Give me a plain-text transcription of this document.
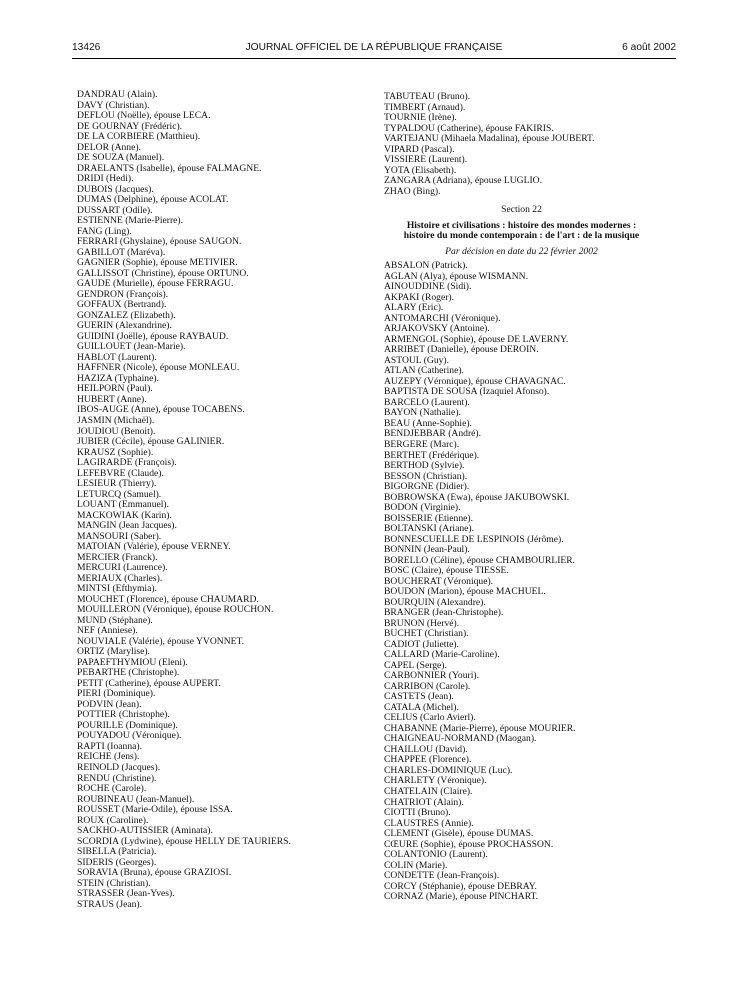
13426	JOURNAL OFFICIEL DE LA RÉPUBLIQUE FRANÇAISE	6 août 2002
DANDRAU (Alain).
DAVY (Christian).
DEFLOU (Noëlle), épouse LECA.
DE GOURNAY (Frédéric).
DE LA CORBIERE (Matthieu).
DELOR (Anne).
DE SOUZA (Manuel).
DRAELANTS (Isabelle), épouse FALMAGNE.
DRIDI (Hedi).
DUBOIS (Jacques).
DUMAS (Delphine), épouse ACOLAT.
DUSSART (Odile).
ESTIENNE (Marie-Pierre).
FANG (Ling).
FERRARI (Ghyslaine), épouse SAUGON.
GABILLOT (Maréva).
GAGNIER (Sophie), épouse METIVIER.
GALLISSOT (Christine), épouse ORTUNO.
GAUDE (Murielle), épouse FERRAGU.
GENDRON (François).
GOFFAUX (Bertrand).
GONZALEZ (Elizabeth).
GUERIN (Alexandrine).
GUIDINI (Joëlle), épouse RAYBAUD.
GUILLOUET (Jean-Marie).
HABLOT (Laurent).
HAFFNER (Nicole), épouse MONLEAU.
HAZIZA (Typhaine).
HEILPORN (Paul).
HUBERT (Anne).
IBOS-AUGE (Anne), épouse TOCABENS.
JASMIN (Michaël).
JOUDIOU (Benoit).
JUBIER (Cécile), épouse GALINIER.
KRAUSZ (Sophie).
LAGIRARDE (François).
LEFEBVRE (Claude).
LESIEUR (Thierry).
LETURCQ (Samuel).
LOUANT (Emmanuel).
MACKOWIAK (Karin).
MANGIN (Jean Jacques).
MANSOURI (Saber).
MATOIAN (Valérie), épouse VERNEY.
MERCIER (Franck).
MERCURI (Laurence).
MERIAUX (Charles).
MINTSI (Efthymia).
MOUCHET (Florence), épouse CHAUMARD.
MOUILLERON (Véronique), épouse ROUCHON.
MUND (Stéphane).
NEF (Anniese).
NOUVIALE (Valérie), épouse YVONNET.
ORTIZ (Marylise).
PAPAEFTHYMIOU (Eleni).
PEBARTHE (Christophe).
PETIT (Catherine), épouse AUPERT.
PIERI (Dominique).
PODVIN (Jean).
POTTIER (Christophe).
POURILLE (Dominique).
POUYADOU (Véronique).
RAPTI (Ioanna).
REICHE (Jens).
REINOLD (Jacques).
RENDU (Christine).
ROCHE (Carole).
ROUBINEAU (Jean-Manuel).
ROUSSET (Marie-Odile), épouse ISSA.
ROUX (Caroline).
SACKHO-AUTISSIER (Aminata).
SCORDIA (Lydwine), épouse HELLY DE TAURIERS.
SIBELLA (Patricia).
SIDERIS (Georges).
SORAVIA (Bruna), épouse GRAZIOSI.
STEIN (Christian).
STRASSER (Jean-Yves).
STRAUS (Jean).
TABUTEAU (Bruno).
TIMBERT (Arnaud).
TOURNIE (Irène).
TYPALDOU (Catherine), épouse FAKIRIS.
VARTEJANU (Mihaela Madalina), épouse JOUBERT.
VIPARD (Pascal).
VISSIERE (Laurent).
YOTA (Elisabeth).
ZANGARA (Adriana), épouse LUGLIO.
ZHAO (Bing).
Section 22
Histoire et civilisations : histoire des mondes modernes :
histoire du monde contemporain : de l'art : de la musique
Par décision en date du 22 février 2002
ABSALON (Patrick).
AGLAN (Alya), épouse WISMANN.
AINOUDDINE (Sidi).
AKPAKI (Roger).
ALARY (Eric).
ANTOMARCHI (Véronique).
ARJAKOVSKY (Antoine).
ARMENGOL (Sophie), épouse DE LAVERNY.
ARRIBET (Danielle), épouse DEROIN.
ASTOUL (Guy).
ATLAN (Catherine).
AUZEPY (Véronique), épouse CHAVAGNAC.
BAPTISTA DE SOUSA (Izaquiel Afonso).
BARCELO (Laurent).
BAYON (Nathalie).
BEAU (Anne-Sophie).
BENDJEBBAR (André).
BERGERE (Marc).
BERTHET (Frédérique).
BERTHOD (Sylvie).
BESSON (Christian).
BIGORGNE (Didier).
BOBROWSKA (Ewa), épouse JAKUBOWSKI.
BODON (Virginie).
BOISSERIE (Etienne).
BOLTANSKI (Ariane).
BONNESCUELLE DE LESPINOIS (Jérôme).
BONNIN (Jean-Paul).
BORELLO (Céline), épouse CHAMBOURLIER.
BOSC (Claire), épouse TIESSE.
BOUCHERAT (Véronique).
BOUDON (Marion), épouse MACHUEL.
BOURQUIN (Alexandre).
BRANGER (Jean-Christophe).
BRUNON (Hervé).
BUCHET (Christian).
CADIOT (Juliette).
CALLARD (Marie-Caroline).
CAPEL (Serge).
CARBONNIER (Youri).
CARRIBON (Carole).
CASTETS (Jean).
CATALA (Michel).
CELIUS (Carlo Avierl).
CHABANNE (Marie-Pierre), épouse MOURIER.
CHAIGNEAU-NORMAND (Maogan).
CHAILLOU (David).
CHAPPEE (Florence).
CHARLES-DOMINIQUE (Luc).
CHARLETY (Véronique).
CHATELAIN (Claire).
CHATRIOT (Alain).
CIOTTI (Bruno).
CLAUSTRES (Annie).
CLEMENT (Gisèle), épouse DUMAS.
CŒURE (Sophie), épouse PROCHASSON.
COLANTONIO (Laurent).
COLIN (Marie).
CONDETTE (Jean-François).
CORCY (Stéphanie), épouse DEBRAY.
CORNAZ (Marie), épouse PINCHART.
